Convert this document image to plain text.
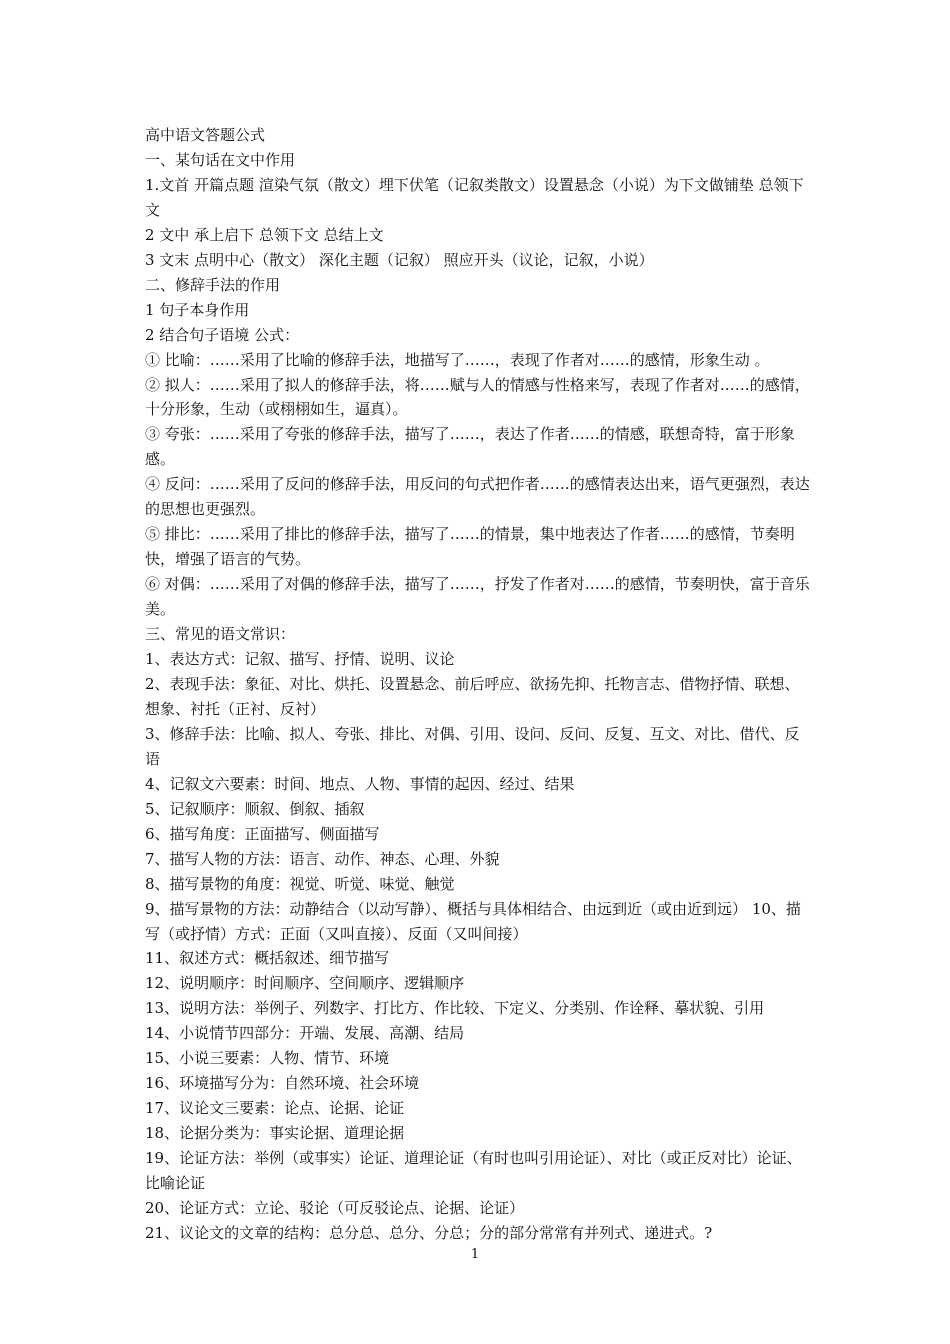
高中语文答题公式

一、某句话在文中作用

1.文首 开篇点题 渲染气氛（散文）埋下伏笔（记叙类散文）设置悬念（小说）为下文做铺垫 总领下文

2 文中 承上启下 总领下文 总结上文

3 文末 点明中心（散文） 深化主题（记叙） 照应开头（议论，记叙，小说）

二、修辞手法的作用

1 句子本身作用

2 结合句子语境 公式：

① 比喻：……采用了比喻的修辞手法，地描写了……，表现了作者对……的感情，形象生动 。

② 拟人：……采用了拟人的修辞手法，将……赋与人的情感与性格来写，表现了作者对……的感情，十分形象，生动（或栩栩如生，逼真）。

③ 夸张：……采用了夸张的修辞手法，描写了……，表达了作者……的情感，联想奇特，富于形象感。

④ 反问：……采用了反问的修辞手法，用反问的句式把作者……的感情表达出来，语气更强烈，表达的思想也更强烈。

⑤ 排比：……采用了排比的修辞手法，描写了……的情景，集中地表达了作者……的感情，节奏明快，增强了语言的气势。

⑥ 对偶：……采用了对偶的修辞手法，描写了……，抒发了作者对……的感情，节奏明快，富于音乐美。

三、常见的语文常识：

1、表达方式：记叙、描写、抒情、说明、议论

2、表现手法：象征、对比、烘托、设置悬念、前后呼应、欲扬先抑、托物言志、借物抒情、联想、想象、衬托（正衬、反衬）

3、修辞手法：比喻、拟人、夸张、排比、对偶、引用、设问、反问、反复、互文、对比、借代、反语

4、记叙文六要素：时间、地点、人物、事情的起因、经过、结果

5、记叙顺序：顺叙、倒叙、插叙

6、描写角度：正面描写、侧面描写

7、描写人物的方法：语言、动作、神态、心理、外貌

8、描写景物的角度：视觉、听觉、味觉、触觉

9、描写景物的方法：动静结合（以动写静）、概括与具体相结合、由远到近（或由近到远） 10、描写（或抒情）方式：正面（又叫直接）、反面（又叫间接）

11、叙述方式：概括叙述、细节描写

12、说明顺序：时间顺序、空间顺序、逻辑顺序

13、说明方法：举例子、列数字、打比方、作比较、下定义、分类别、作诠释、摹状貌、引用

14、小说情节四部分：开端、发展、高潮、结局

15、小说三要素：人物、情节、环境

16、环境描写分为：自然环境、社会环境

17、议论文三要素：论点、论据、论证

18、论据分类为：事实论据、道理论据

19、论证方法：举例（或事实）论证、道理论证（有时也叫引用论证）、对比（或正反对比）论证、比喻论证

20、论证方式：立论、驳论（可反驳论点、论据、论证）

21、议论文的文章的结构：总分总、总分、分总；分的部分常常有并列式、递进式。?

1
